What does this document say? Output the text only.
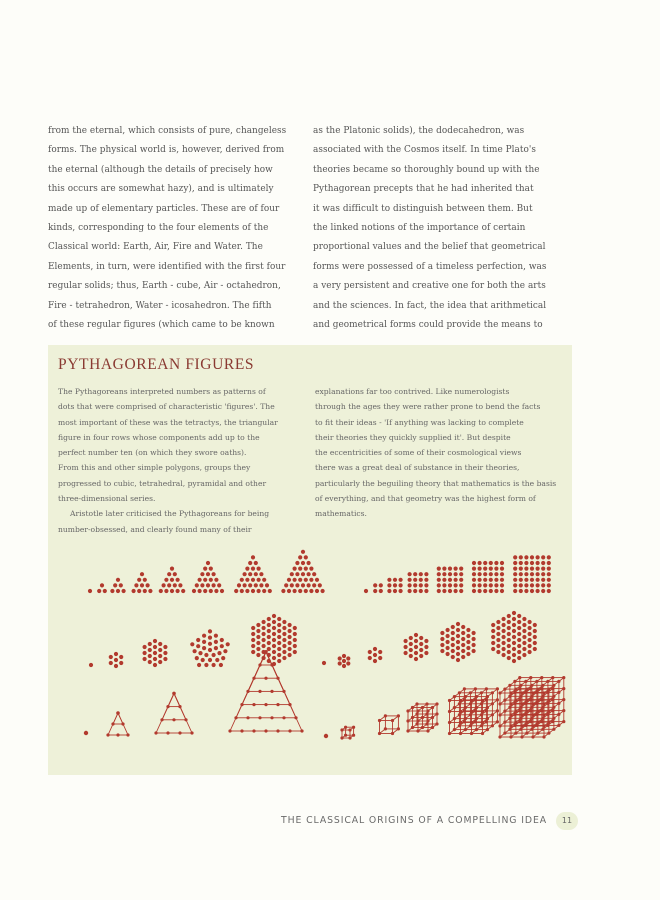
from the eternal, which consists of pure, changeless
forms. The physical world is, however, derived from
the eternal (although the details of precisely how
this occurs are somewhat hazy), and is ultimately
made up of elementary particles. These are of four
kinds, corresponding to the four elements of the
Classical world: Earth, Air, Fire and Water. The
Elements, in turn, were identified with the first four
regular solids; thus, Earth - cube, Air - octahedron,
Fire - tetrahedron, Water - icosahedron. The fifth
of these regular figures (which came to be known
as the Platonic solids), the dodecahedron, was
associated with the Cosmos itself. In time Plato's
theories became so thoroughly bound up with the
Pythagorean precepts that he had inherited that
it was difficult to distinguish between them. But
the linked notions of the importance of certain
proportional values and the belief that geometrical
forms were possessed of a timeless perfection, was
a very persistent and creative one for both the arts
and the sciences. In fact, the idea that arithmetical
and geometrical forms could provide the means to
PYTHAGOREAN FIGURES
The Pythagoreans interpreted numbers as patterns of
dots that were comprised of characteristic 'figures'. The
most important of these was the tetractys, the triangular
figure in four rows whose components add up to the
perfect number ten (on which they swore oaths).
From this and other simple polygons, groups they
progressed to cubic, tetrahedral, pyramidal and other
three-dimensional series.
Aristotle later criticised the Pythagoreans for being
number-obsessed, and clearly found many of their
explanations far too contrived. Like numerologists
through the ages they were rather prone to bend the facts
to fit their ideas - 'If anything was lacking to complete
their theories they quickly supplied it'. But despite
the eccentricities of some of their cosmological views
there was a great deal of substance in their theories,
particularly the beguiling theory that mathematics is the basis
of everything, and that geometry was the highest form of
mathematics.
THE CLASSICAL ORIGINS OF A COMPELLING IDEA	11
